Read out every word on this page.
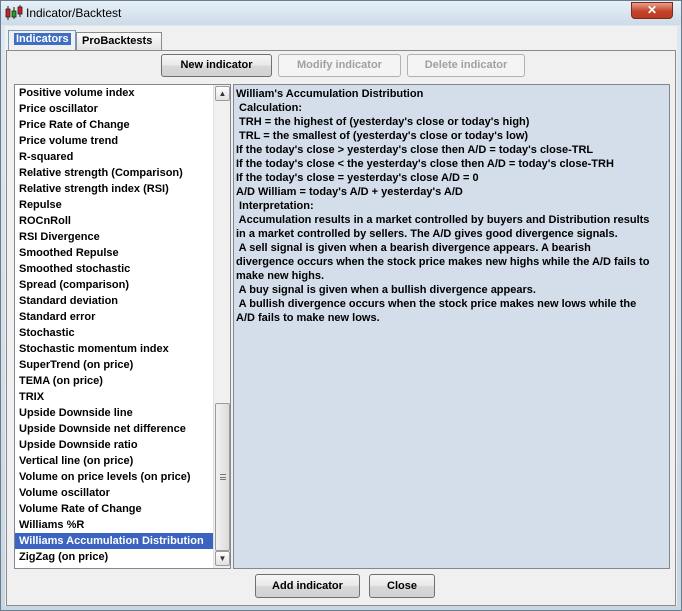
Indicator/Backtest	✕
Indicators	ProBacktests
New indicator	Modify indicator	Delete indicator
Positive volume index
Price oscillator
Price Rate of Change
Price volume trend
R-squared
Relative strength (Comparison)
Relative strength index (RSI)
Repulse
ROCnRoll
RSI Divergence
Smoothed Repulse
Smoothed stochastic
Spread (comparison)
Standard deviation
Standard error
Stochastic
Stochastic momentum index
SuperTrend (on price)
TEMA (on price)
TRIX
Upside Downside line
Upside Downside net difference
Upside Downside ratio
Vertical line (on price)
Volume on price levels (on price)
Volume oscillator
Volume Rate of Change
Williams %R
Williams Accumulation Distribution
ZigZag (on price)
▲
▼
William's Accumulation Distribution
Calculation:
TRH = the highest of (yesterday's close or today's high)
TRL = the smallest of (yesterday's close or today's low)
If the today's close > yesterday's close then A/D = today's close-TRL
If the today's close < the yesterday's close then A/D = today's close-TRH
If the today's close = yesterday's close A/D = 0
A/D William = today's A/D + yesterday's A/D
Interpretation:
Accumulation results in a market controlled by buyers and Distribution results
in a market controlled by sellers. The A/D gives good divergence signals.
A sell signal is given when a bearish divergence appears. A bearish
divergence occurs when the stock price makes new highs while the A/D fails to
make new highs.
A buy signal is given when a bullish divergence appears.
A bullish divergence occurs when the stock price makes new lows while the
A/D fails to make new lows.
Add indicator	Close
